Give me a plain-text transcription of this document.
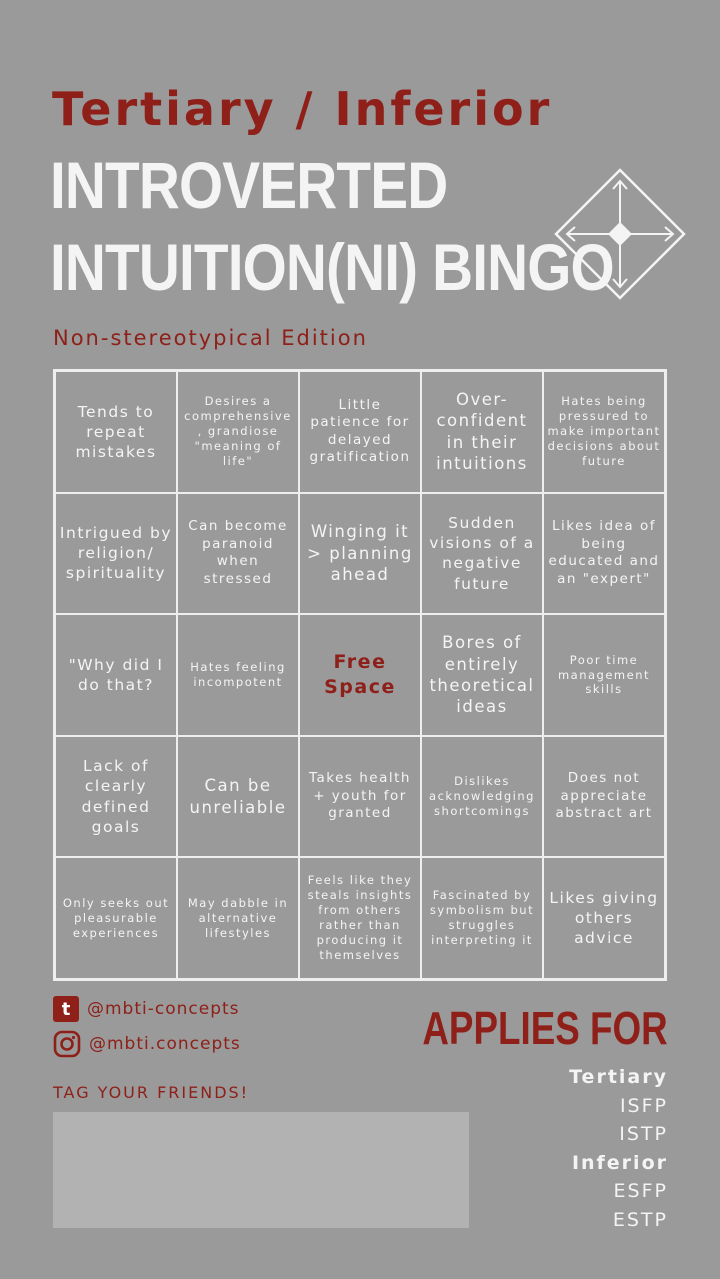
Tertiary / Inferior
INTROVERTED
INTUITION(NI) BINGO
Non-stereotypical Edition
Tends to repeat mistakes
Desires a comprehensive , grandiose "meaning of life"
Little patience for delayed gratification
Over-confident in their intuitions
Hates being pressured to make important decisions about future
Intrigued by religion/ spirituality
Can become paranoid when stressed
Winging it > planning ahead
Sudden visions of a negative future
Likes idea of being educated and an "expert"
"Why did I do that?
Hates feeling incompotent
Free Space
Bores of entirely theoretical ideas
Poor time management skills
Lack of clearly defined goals
Can be unreliable
Takes health + youth for granted
Dislikes acknowledging shortcomings
Does not appreciate abstract art
Only seeks out pleasurable experiences
May dabble in alternative lifestyles
Feels like they steals insights from others rather than producing it themselves
Fascinated by symbolism but struggles interpreting it
Likes giving others advice
t @mbti-concepts
@mbti.concepts
TAG YOUR FRIENDS!
APPLIES FOR
Tertiary
ISFP
ISTP
Inferior
ESFP
ESTP
